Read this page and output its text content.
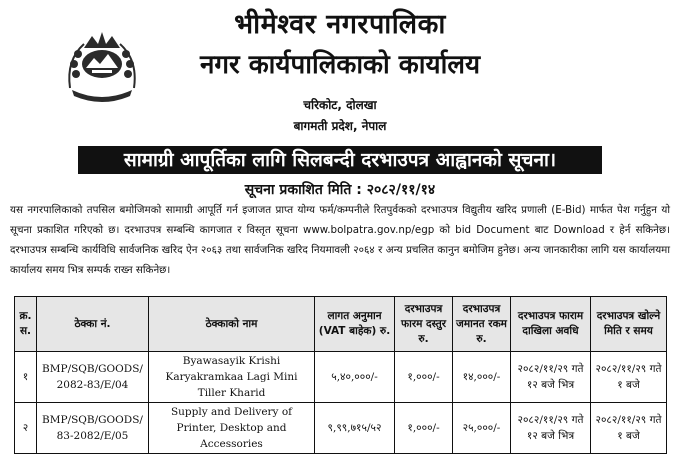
भीमेश्वर नगरपालिका
नगर कार्यपालिकाको कार्यालय
चरिकोट, दोलखा
बागमती प्रदेश, नेपाल
सामाग्री आपूर्तिका लागि सिलबन्दी दरभाउपत्र आह्वानको सूचना।
सूचना प्रकाशित मिति : २०८२/११/१४
यस नगरपालिकाको तपसिल बमोजिमको सामाग्री आपूर्ति गर्न इजाजत प्राप्त योग्य फर्म/कम्पनीले रितपुर्वकको दरभाउपत्र विद्युतीय खरिद प्रणाली (E-Bid) मार्फत पेश गर्नुहुन यो सूचना प्रकाशित गरिएको छ। दरभाउपत्र सम्बन्धि कागजात र विस्तृत सूचना www.bolpatra.gov.np/egp को bid Document बाट Download र हेर्न सकिनेछ। दरभाउपत्र सम्बन्धि कार्यविधि सार्वजनिक खरिद ऐन २०६३ तथा सार्वजनिक खरिद नियमावली २०६४ र अन्य प्रचलित कानुन बमोजिम हुनेछ। अन्य जानकारीका लागि यस कार्यालयमा कार्यालय समय भित्र सम्पर्क राख्न सकिनेछ।
क्र. स.	ठेक्का नं.	ठेक्काको नाम	लागत अनुमान (VAT बाहेक) रु.	दरभाउपत्र फारम दस्तुर रु.	दरभाउपत्र जमानत रकम रु.	दरभाउपत्र फाराम दाखिला अवधि	दरभाउपत्र खोल्ने मिति र समय
१	BMP/SQB/GOODS/ 2082-83/E/04	Byawasayik Krishi Karyakramkaa Lagi Mini Tiller Kharid	५,४०,०००/-	१,०००/-	१४,०००/-	२०८२/११/२९ गते १२ बजे भित्र	२०८२/११/२९ गते १ बजे
२	BMP/SQB/GOODS/ 83-2082/E/05	Supply and Delivery of Printer, Desktop and Accessories	९,९९,७१५/५२	१,०००/-	२५,०००/-	२०८२/११/२९ गते १२ बजे भित्र	२०८२/११/२९ गते १ बजे
